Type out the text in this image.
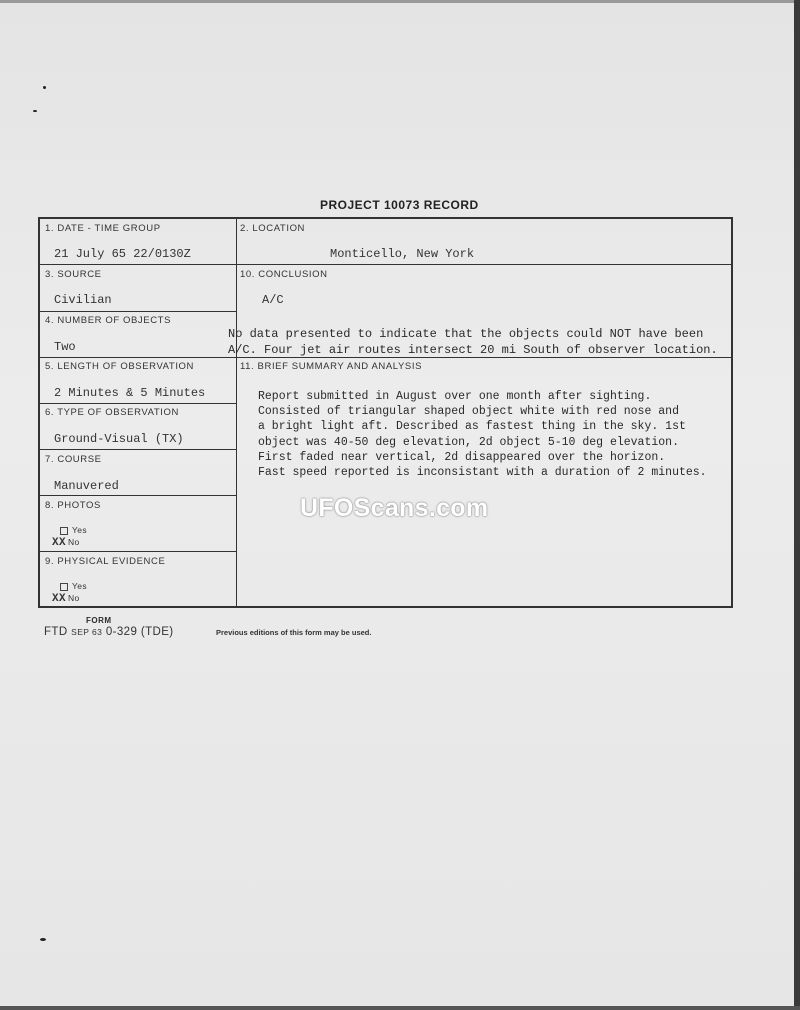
PROJECT 10073 RECORD
1. DATE - TIME GROUP
21 July 65 22/0130Z
3. SOURCE
Civilian
4. NUMBER OF OBJECTS
Two
5. LENGTH OF OBSERVATION
2 Minutes & 5 Minutes
6. TYPE OF OBSERVATION
Ground-Visual (TX)
7. COURSE
Manuvered
8. PHOTOS
Yes
XX No
9. PHYSICAL EVIDENCE
Yes
XX No
2. LOCATION
Monticello, New York
10. CONCLUSION
A/C
11. BRIEF SUMMARY AND ANALYSIS
No data presented to indicate that the objects could NOT have been
A/C. Four jet air routes intersect 20 mi South of observer location.
Report submitted in August over one month after sighting.
Consisted of triangular shaped object white with red nose and
a bright light aft. Described as fastest thing in the sky. 1st
object was 40-50 deg elevation, 2d object 5-10 deg elevation.
First faded near vertical, 2d disappeared over the horizon.
Fast speed reported is inconsistant with a duration of 2 minutes.
FORM
FTD SEP 63 0-329 (TDE)	Previous editions of this form may be used.
UFOScans.com
